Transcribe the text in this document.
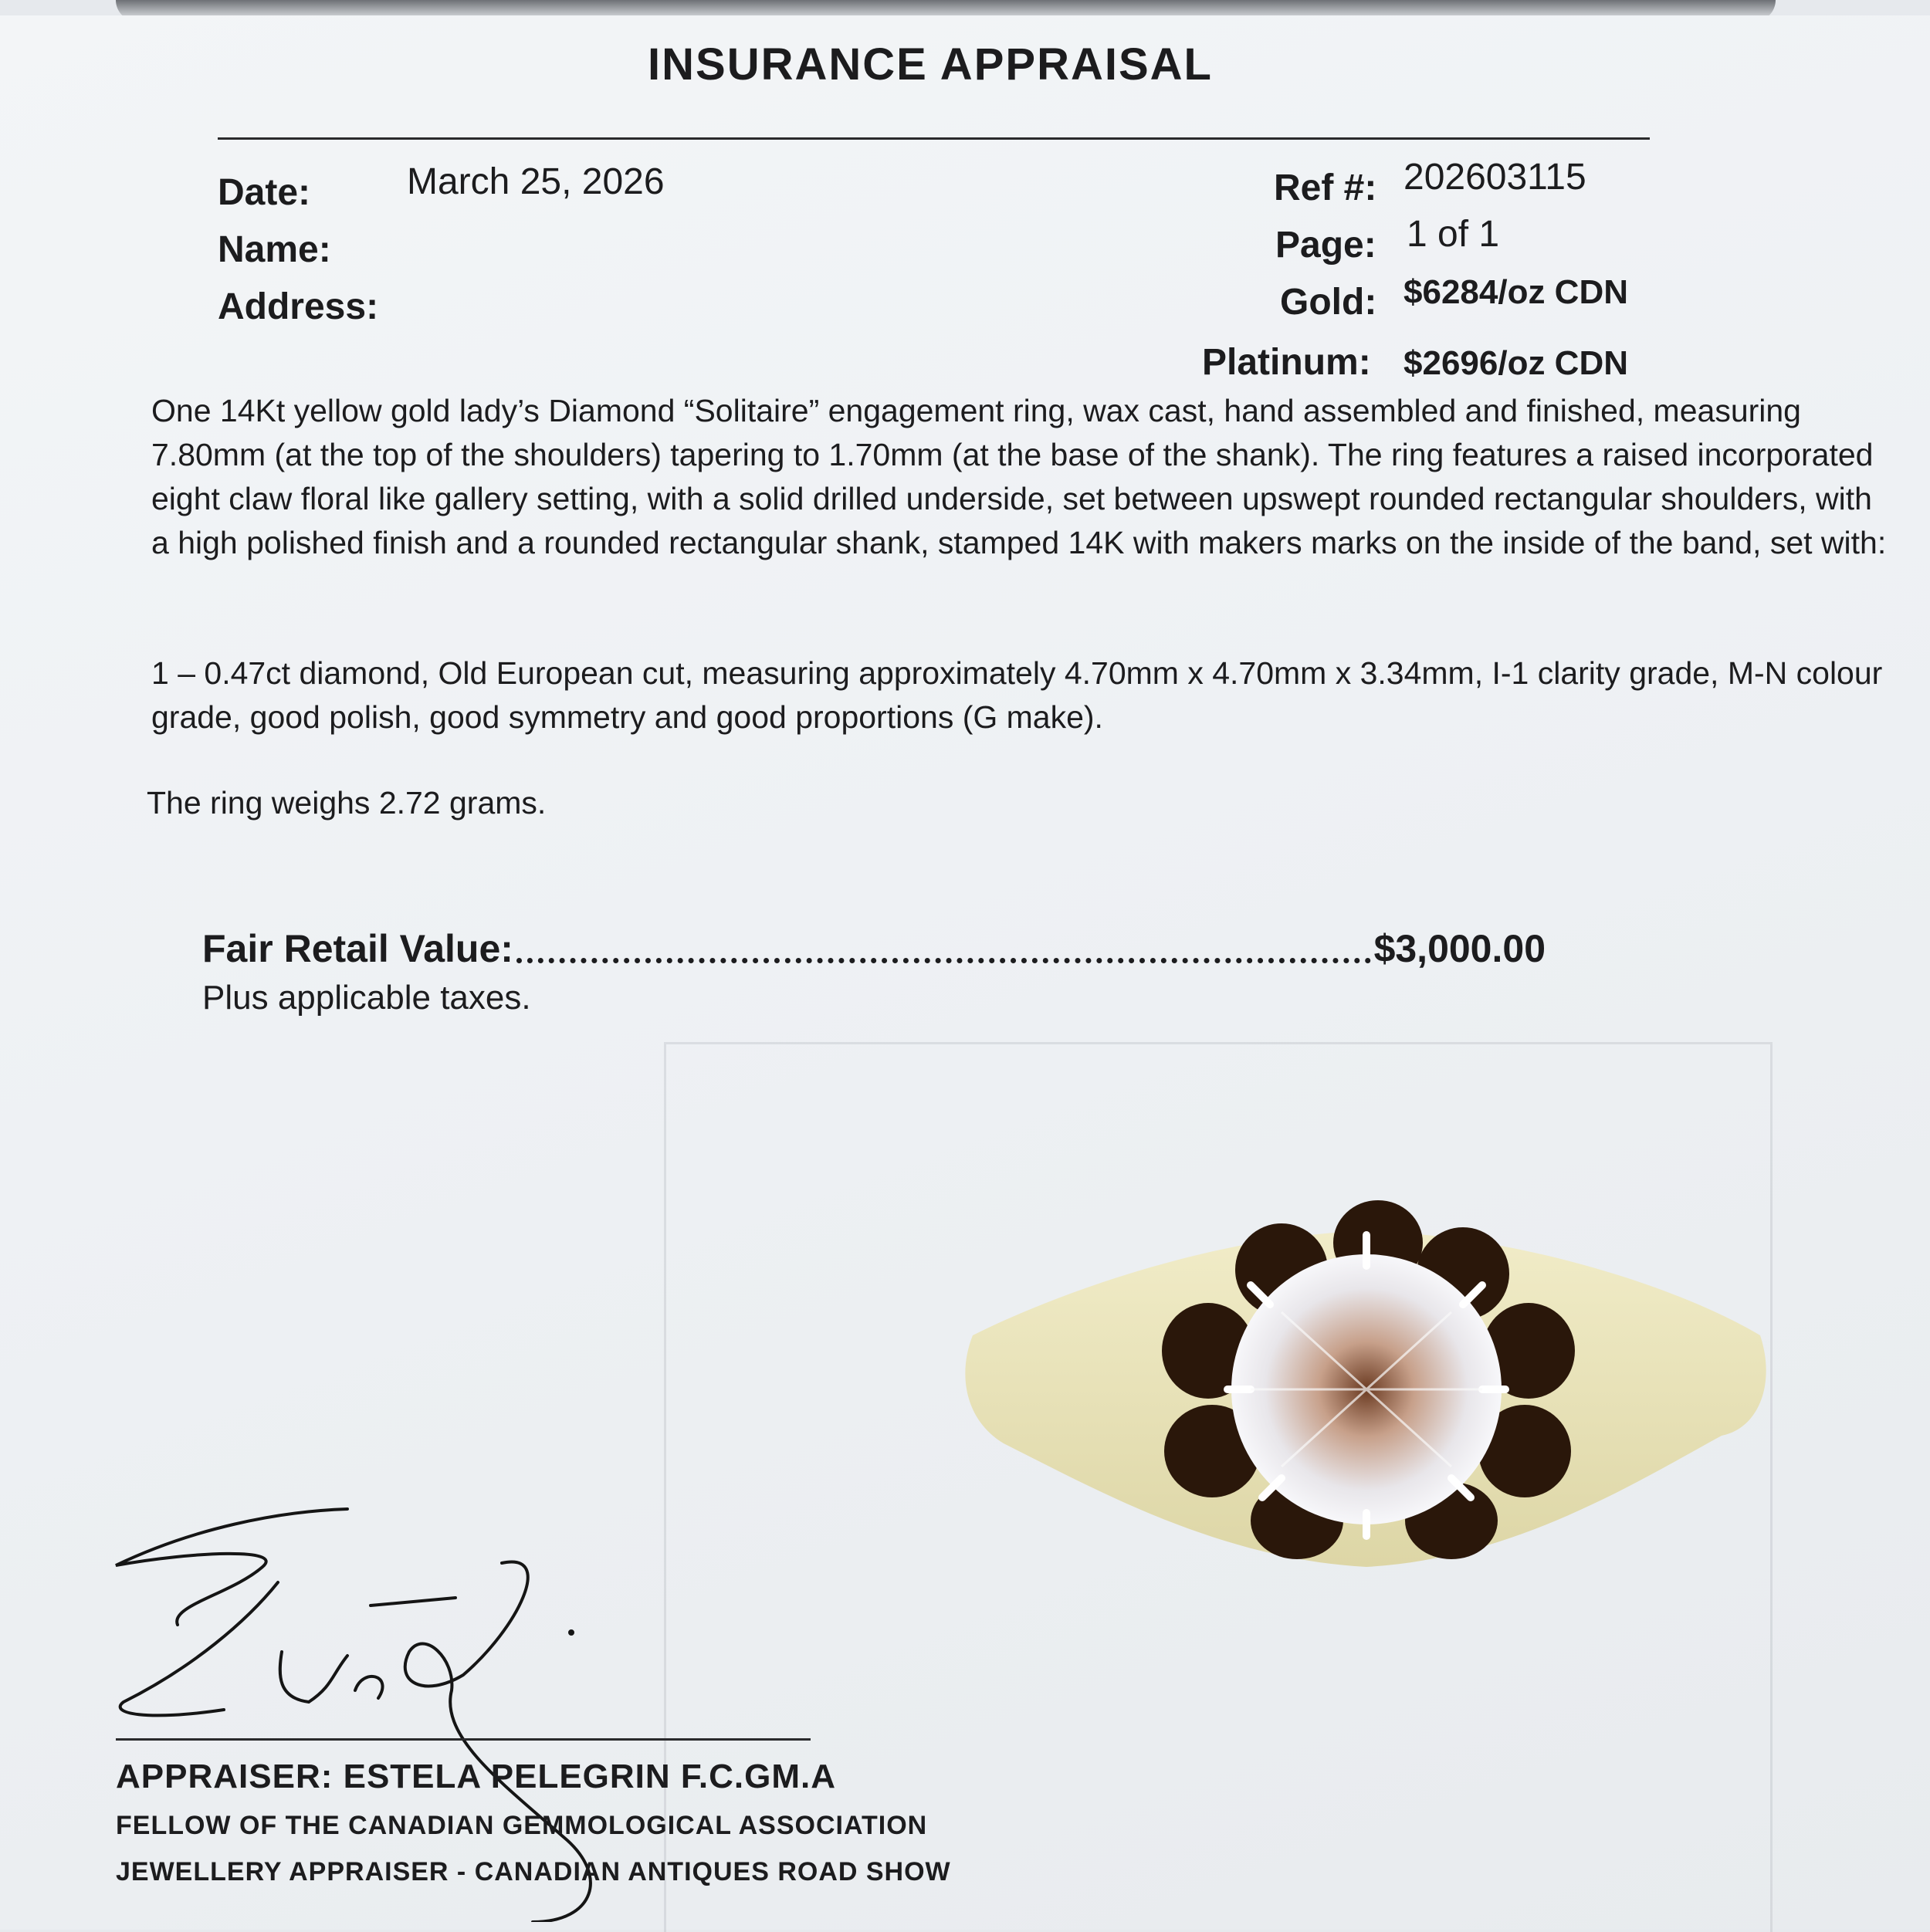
INSURANCE APPRAISAL
Date:	March 25, 2026
Name:
Address:
Ref #: 202603115
Page: 1 of 1
Gold: $6284/oz CDN
Platinum: $2696/oz CDN
One 14Kt yellow gold lady’s Diamond “Solitaire” engagement ring, wax cast, hand assembled and finished, measuring 7.80mm (at the top of the shoulders) tapering to 1.70mm (at the base of the shank). The ring features a raised incorporated eight claw floral like gallery setting, with a solid drilled underside, set between upswept rounded rectangular shoulders, with a high polished finish and a rounded rectangular shank, stamped 14K with makers marks on the inside of the band, set with:
1 – 0.47ct diamond, Old European cut, measuring approximately 4.70mm x 4.70mm x 3.34mm, I-1 clarity grade, M-N colour grade, good polish, good symmetry and good proportions (G make).
The ring weighs 2.72 grams.
Fair Retail Value:	$3,000.00
Plus applicable taxes.
APPRAISER: ESTELA PELEGRIN F.C.GM.A
FELLOW OF THE CANADIAN GEMMOLOGICAL ASSOCIATION
JEWELLERY APPRAISER - CANADIAN ANTIQUES ROAD SHOW
